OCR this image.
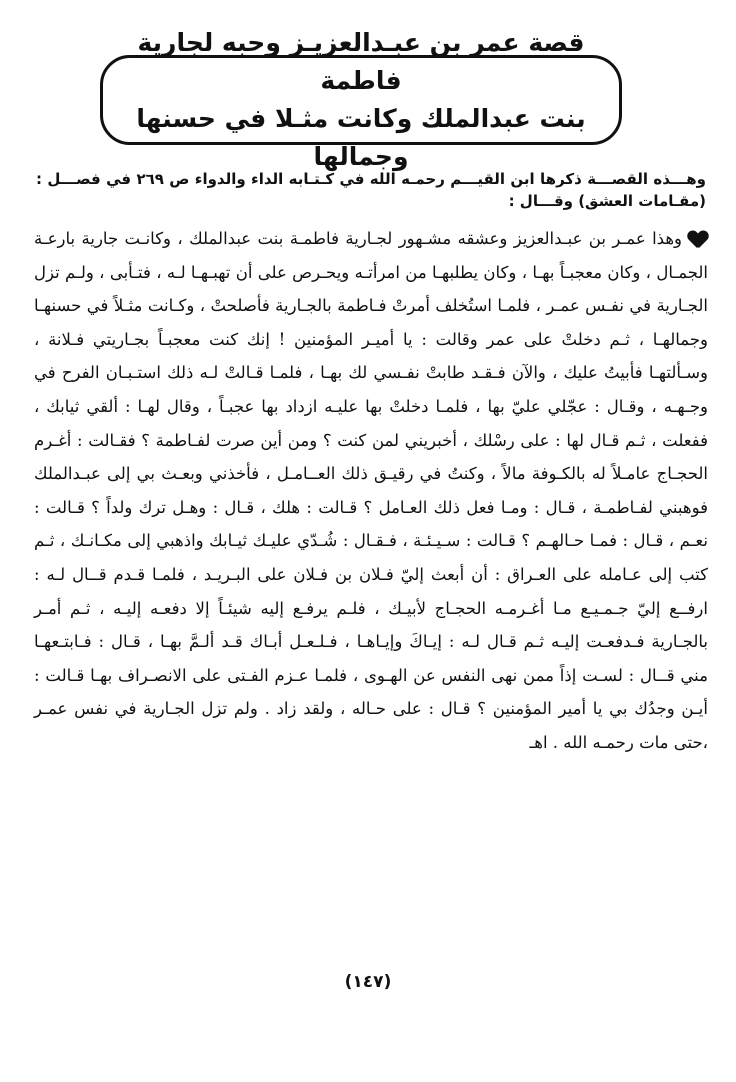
قصة عمر بن عبـدالعزيـز وحبه لجارية فاطمة
بنت عبدالملك وكانت مثـلا في حسنها وجمالها
وهـــذه القصـــة ذكرها ابن القيـــم رحمـه الله في كـتـابه الداء والدواء ص ٢٦٩ في فصـــل : (مقـامات العشق) وقـــال :
وهذا عمـر بن عبـدالعزيز وعشقه مشـهور لجـارية فاطمـة بنت عبدالملك ، وكانـت جارية بارعـة الجمـال ، وكان معجبـاً بهـا ، وكان يطلبهـا من امرأتـه ويحـرص على أن تهبـهـا لـه ، فتـأبى ، ولـم تزل الجـارية في نفـس عمـر ، فلمـا استُخلف أمرتْ فـاطمة بالجـارية فأصلحتْ ، وكـانت مثـلاً في حسنهـا وجمالهـا ، ثـم دخلتْ على عمر وقالت : يا أميـر المؤمنين ! إنك كنت معجبـاً بجـاريتي فـلانة ، وسـألتهـا فأبيتُ عليك ، والآن فـقـد طابتْ نفـسي لك بهـا ، فلمـا قـالتْ لـه ذلك استـبـان الفرح في وجـهـه ، وقـال : عجّلي عليّ بها ، فلمـا دخلتْ بها عليـه ازداد بها عجبـاً ، وقال لهـا : ألقي ثيابك ، ففعلت ، ثـم قـال لها : على رسْلك ، أخبريني لمن كنت ؟ ومن أين صرت لفـاطمة ؟ فقـالت : أغـرم الحجـاج عامـلاً له بالكـوفة مالاً ، وكنتُ في رقيـق ذلك العــامـل ، فأخذني وبعـث بي إلى عبـدالملك فوهبني لفـاطمـة ، قـال : ومـا فعل ذلك العـامل ؟ قـالت : هلك ، قـال : وهـل ترك ولداً ؟ قـالت : نعـم ، قـال : فمـا حـالهـم ؟ قـالت : سـيـئـة ، فـقـال : شُـدّي عليـك ثيـابك واذهبي إلى مكـانـك ، ثـم كتب إلى عـامله على العـراق : أن أبعث إليّ فـلان بن فـلان على البـريـد ، فلمـا قـدم قــال لـه : ارفــع إليّ جـمـيـع مـا أغـرمـه الحجـاج لأبيـك ، فلـم يرفـع إليه شيئـاً إلا دفعـه إليـه ، ثـم أمـر بالجـارية فـدفعـت إليـه ثـم قـال لـه : إيـاكَ وإيـاهـا ، فـلـعـل أبـاك قـد ألـمَّ بهـا ، قـال : فـابتـعهـا مني قــال : لسـت إذاً ممن نهى النفس عن الهـوى ، فلمـا عـزم الفـتى على الانصـراف بهـا قـالت : أيـن وجدُك بي يا أمير المؤمنين ؟ قـال : على حـاله ، ولقد زاد . ولم تزل الجـارية في نفس عمـر ،حتى مات رحمـه الله . اهـ
(١٤٧)
